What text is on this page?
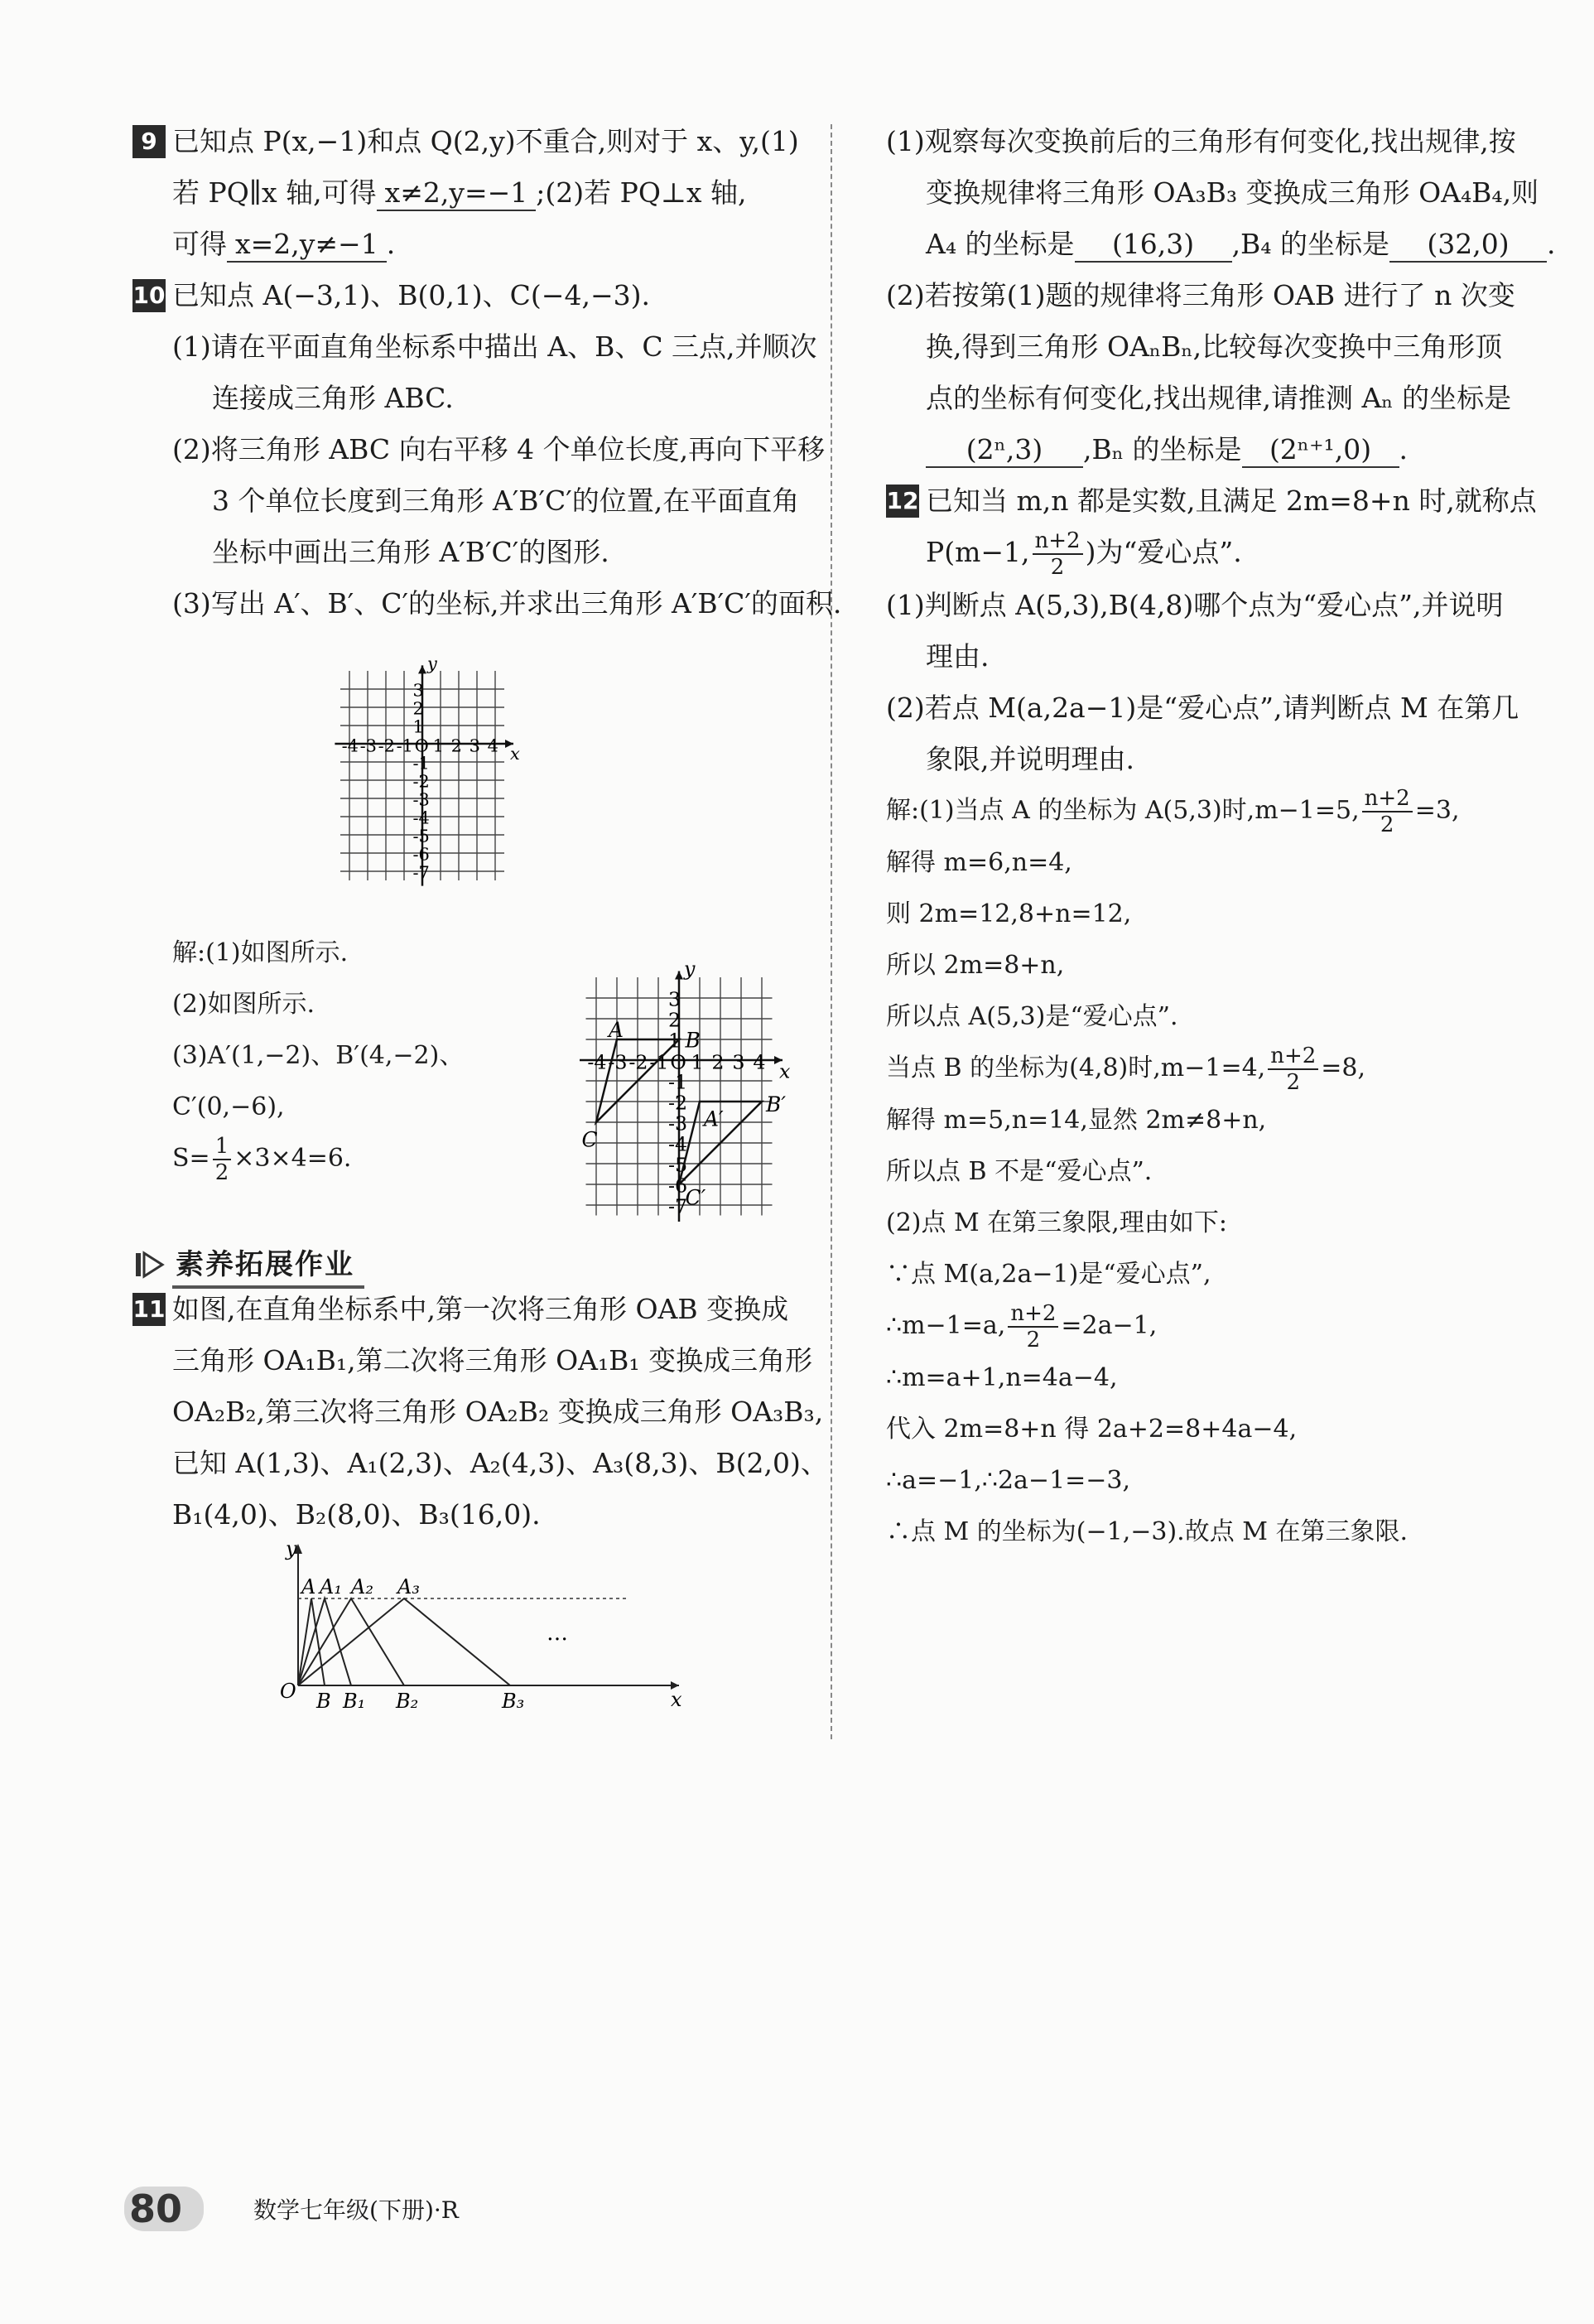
9 已知点 P(x,−1)和点 Q(2,y)不重合,则对于 x、y,(1)
若 PQ∥x 轴,可得 x≠2,y=−1 ;(2)若 PQ⊥x 轴,
可得 x=2,y≠−1 .
10 已知点 A(−3,1)、B(0,1)、C(−4,−3).
(1)请在平面直角坐标系中描出 A、B、C 三点,并顺次
连接成三角形 ABC.
(2)将三角形 ABC 向右平移 4 个单位长度,再向下平移
3 个单位长度到三角形 A′B′C′的位置,在平面直角
坐标中画出三角形 A′B′C′的图形.
(3)写出 A′、B′、C′的坐标,并求出三角形 A′B′C′的面积.
x
y
-4 -3 -2 -1 O 1 2 3 4
3
2
1
-1
-2
-3
-4
-5
-6
-7
解:(1)如图所示.
(2)如图所示.
(3)A′(1,−2)、B′(4,−2)、
C′(0,−6),
$S= \frac{1}{2} \times 3\times 4=6$.
x
y
-4 -3 -2 -1 O 1 2 3 4
3
2
1
-1
-2
-3
-4
-5
-6
-7
A	B
C
A′
B′
C′
素养拓展作业
11 如图,在直角坐标系中,第一次将三角形 OAB 变换成
三角形 OA₁B₁,第二次将三角形 OA₁B₁ 变换成三角形
OA₂B₂,第三次将三角形 OA₂B₂ 变换成三角形 OA₃B₃,
已知 A(1,3)、A₁(2,3)、A₂(4,3)、A₃(8,3)、B(2,0)、
B₁(4,0)、B₂(8,0)、B₃(16,0).
y
x
O
A A₁ A₂ A₃
B B₁ B₂	B₃
…
(1)观察每次变换前后的三角形有何变化,找出规律,按
变换规律将三角形 OA₃B₃ 变换成三角形 OA₄B₄,则
A₄ 的坐标是 (16,3) ,B₄ 的坐标是 (32,0) .
(2)若按第(1)题的规律将三角形 OAB 进行了 n 次变
换,得到三角形 OAₙBₙ,比较每次变换中三角形顶
点的坐标有何变化,找出规律,请推测 Aₙ 的坐标是
(2ⁿ,3) ,Bₙ 的坐标是 (2ⁿ⁺¹,0) .
12 已知当 m,n 都是实数,且满足 2m=8+n 时,就称点
P(m−1, $\frac{n+2}{2}$ )为“爱心点”.
(1)判断点 A(5,3),B(4,8)哪个点为“爱心点”,并说明
理由.
(2)若点 M(a,2a−1)是“爱心点”,请判断点 M 在第几
象限,并说明理由.
解:(1)当点 A 的坐标为 A(5,3)时,m−1=5, $\frac{n+2}{2} =3$,
解得 m=6,n=4,
则 2m=12,8+n=12,
所以 2m=8+n,
所以点 A(5,3)是“爱心点”.
当点 B 的坐标为(4,8)时,m−1=4, $\frac{n+2}{2} =8$,
解得 m=5,n=14,显然 2m≠8+n,
所以点 B 不是“爱心点”.
(2)点 M 在第三象限,理由如下:
∵点 M(a,2a−1)是“爱心点”,
∴m−1=a, $\frac{n+2}{2} =2a-1$,
∴m=a+1,n=4a−4,
代入 2m=8+n 得 2a+2=8+4a−4,
∴a=−1,∴2a−1=−3,
∴点 M 的坐标为(−1,−3).故点 M 在第三象限.
80	数学七年级(下册)·R
